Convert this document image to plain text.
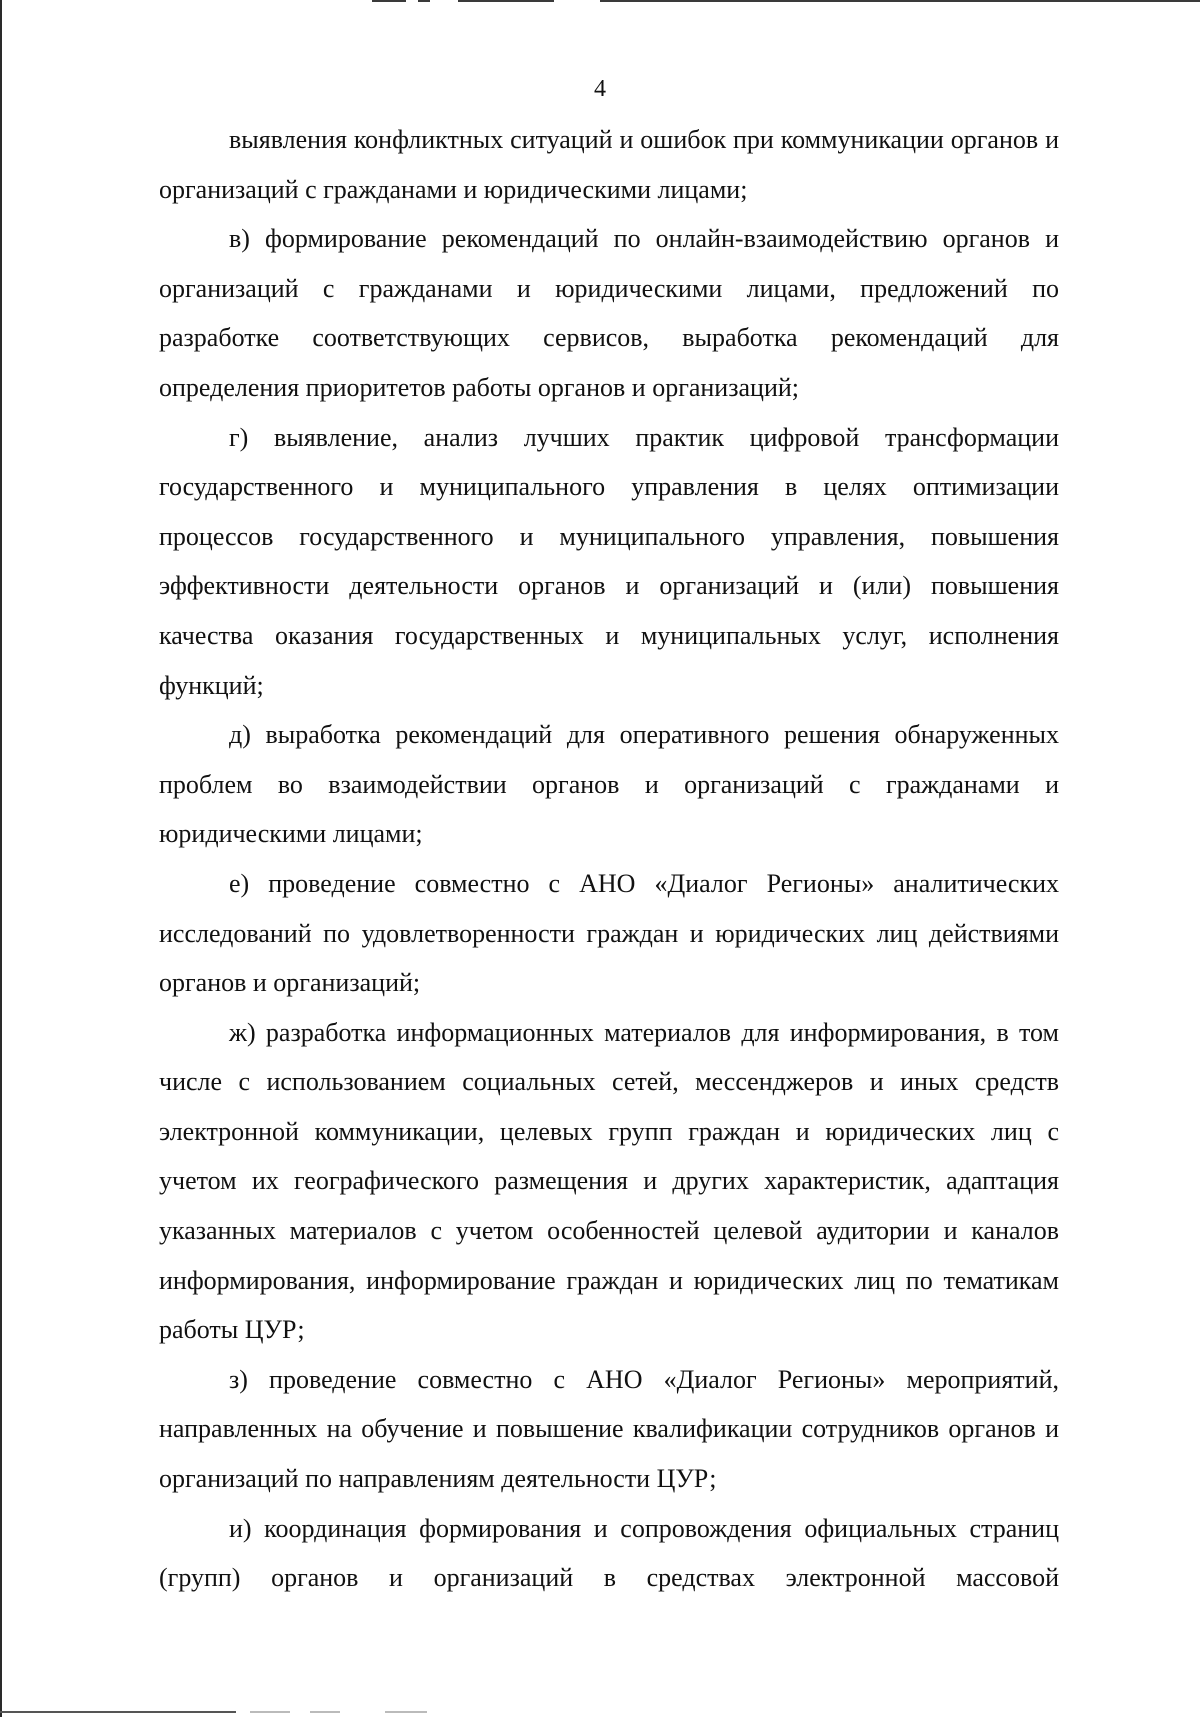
4

выявления конфликтных ситуаций и ошибок при коммуникации органов и организаций с гражданами и юридическими лицами;

в) формирование рекомендаций по онлайн-взаимодействию органов и организаций с гражданами и юридическими лицами, предложений по разработке соответствующих сервисов, выработка рекомендаций для определения приоритетов работы органов и организаций;

г) выявление, анализ лучших практик цифровой трансформации государственного и муниципального управления в целях оптимизации процессов государственного и муниципального управления, повышения эффективности деятельности органов и организаций и (или) повышения качества оказания государственных и муниципальных услуг, исполнения функций;

д) выработка рекомендаций для оперативного решения обнаруженных проблем во взаимодействии органов и организаций с гражданами и юридическими лицами;

е) проведение совместно с АНО «Диалог Регионы» аналитических исследований по удовлетворенности граждан и юридических лиц действиями органов и организаций;

ж) разработка информационных материалов для информирования, в том числе с использованием социальных сетей, мессенджеров и иных средств электронной коммуникации, целевых групп граждан и юридических лиц с учетом их географического размещения и других характеристик, адаптация указанных материалов с учетом особенностей целевой аудитории и каналов информирования, информирование граждан и юридических лиц по тематикам работы ЦУР;

з) проведение совместно с АНО «Диалог Регионы» мероприятий, направленных на обучение и повышение квалификации сотрудников органов и организаций по направлениям деятельности ЦУР;

и) координация формирования и сопровождения официальных страниц (групп) органов и организаций в средствах электронной массовой
